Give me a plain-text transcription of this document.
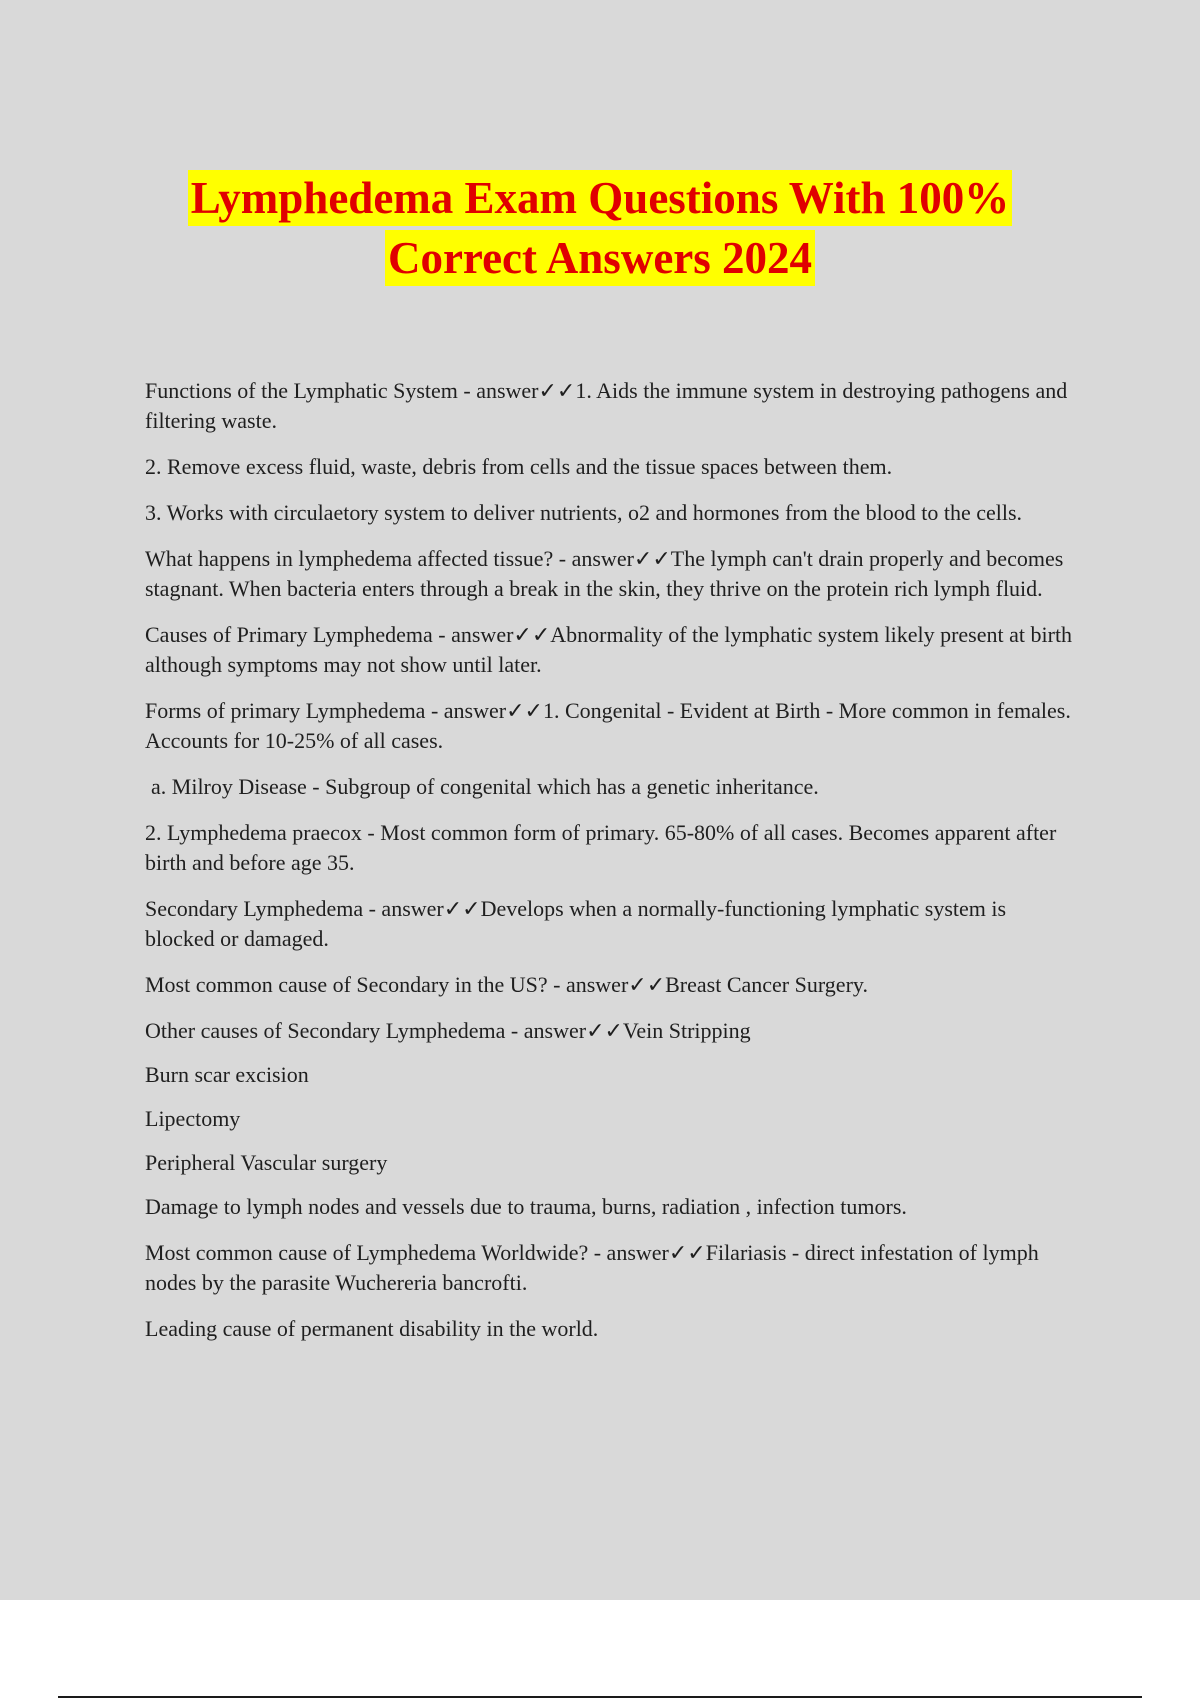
Lymphedema Exam Questions With 100%
Correct Answers 2024

Functions of the Lymphatic System - answer✓✓1. Aids the immune system in destroying pathogens and filtering waste.

2. Remove excess fluid, waste, debris from cells and the tissue spaces between them.

3. Works with circulaetory system to deliver nutrients, o2 and hormones from the blood to the cells.

What happens in lymphedema affected tissue? - answer✓✓The lymph can't drain properly and becomes stagnant. When bacteria enters through a break in the skin, they thrive on the protein rich lymph fluid.

Causes of Primary Lymphedema - answer✓✓Abnormality of the lymphatic system likely present at birth although symptoms may not show until later.

Forms of primary Lymphedema - answer✓✓1. Congenital - Evident at Birth - More common in females. Accounts for 10-25% of all cases.

a. Milroy Disease - Subgroup of congenital which has a genetic inheritance.

2. Lymphedema praecox - Most common form of primary. 65-80% of all cases. Becomes apparent after birth and before age 35.

Secondary Lymphedema - answer✓✓Develops when a normally-functioning lymphatic system is blocked or damaged.

Most common cause of Secondary in the US? - answer✓✓Breast Cancer Surgery.

Other causes of Secondary Lymphedema - answer✓✓Vein Stripping

Burn scar excision

Lipectomy

Peripheral Vascular surgery

Damage to lymph nodes and vessels due to trauma, burns, radiation , infection tumors.

Most common cause of Lymphedema Worldwide? - answer✓✓Filariasis - direct infestation of lymph nodes by the parasite Wuchereria bancrofti.

Leading cause of permanent disability in the world.
